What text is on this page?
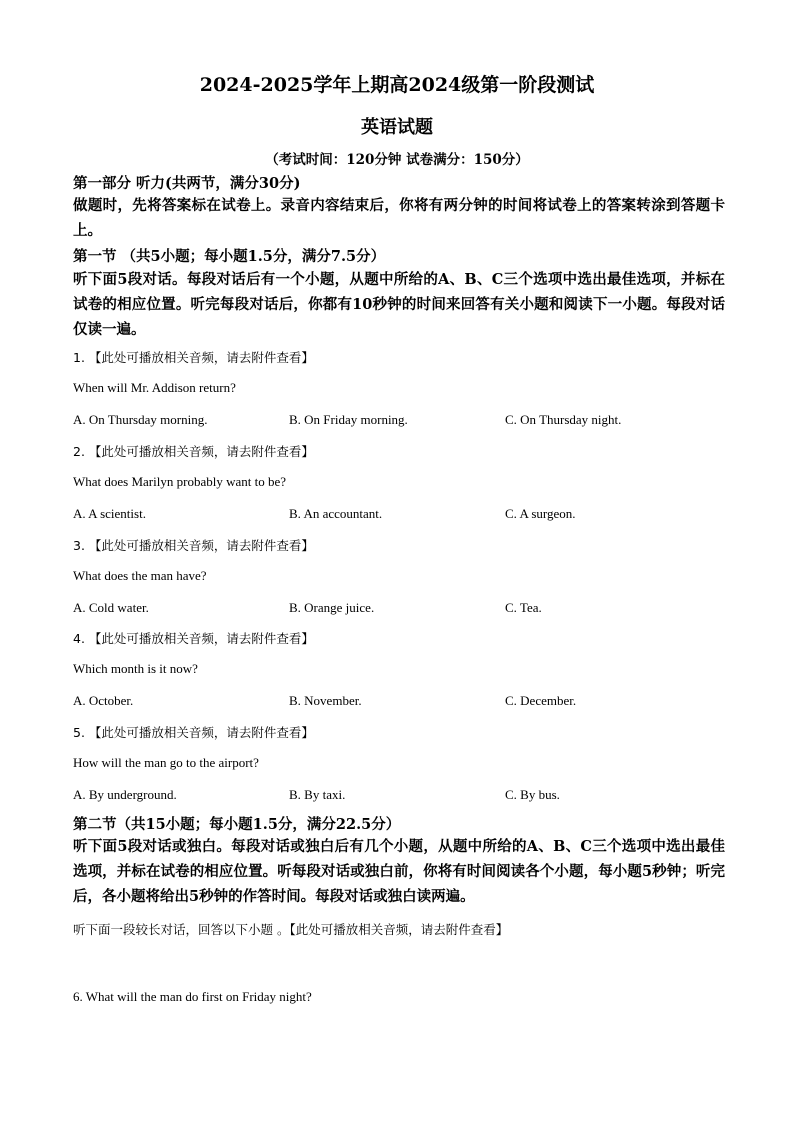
2024-2025学年上期高2024级第一阶段测试
英语试题
（考试时间：120分钟 试卷满分：150分）
第一部分 听力(共两节，满分30分)
做题时，先将答案标在试卷上。录音内容结束后，你将有两分钟的时间将试卷上的答案转涂到答题卡上。
第一节 （共5小题；每小题1.5分，满分7.5分）
听下面5段对话。每段对话后有一个小题，从题中所给的A、B、C三个选项中选出最佳选项，并标在试卷的相应位置。听完每段对话后，你都有10秒钟的时间来回答有关小题和阅读下一小题。每段对话仅读一遍。
1. 【此处可播放相关音频，请去附件查看】
When will Mr. Addison return?
A. On Thursday morning.	B. On Friday morning.	C. On Thursday night.
2. 【此处可播放相关音频，请去附件查看】
What does Marilyn probably want to be?
A. A scientist.	B. An accountant.	C. A surgeon.
3. 【此处可播放相关音频，请去附件查看】
What does the man have?
A. Cold water.	B. Orange juice.	C. Tea.
4. 【此处可播放相关音频，请去附件查看】
Which month is it now?
A. October.	B. November.	C. December.
5. 【此处可播放相关音频，请去附件查看】
How will the man go to the airport?
A. By underground.	B. By taxi.	C. By bus.
第二节（共15小题；每小题1.5分，满分22.5分）
听下面5段对话或独白。每段对话或独白后有几个小题，从题中所给的A、B、C三个选项中选出最佳选项，并标在试卷的相应位置。听每段对话或独白前，你将有时间阅读各个小题，每小题5秒钟；听完后，各小题将给出5秒钟的作答时间。每段对话或独白读两遍。
听下面一段较长对话，回答以下小题 。【此处可播放相关音频，请去附件查看】
6. What will the man do first on Friday night?
